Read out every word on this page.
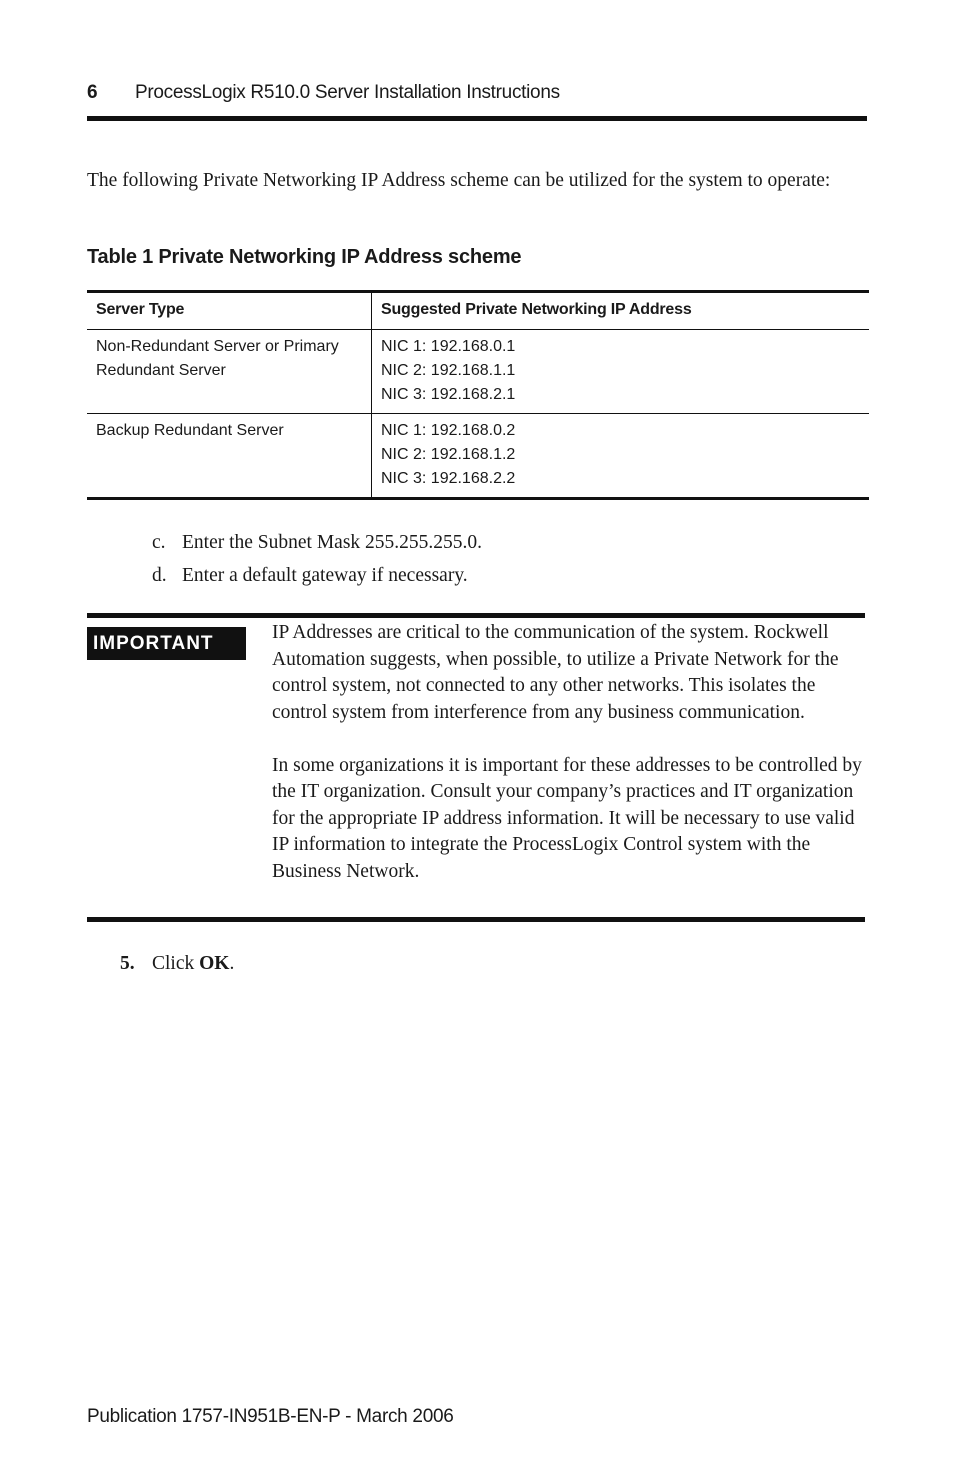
6 ProcessLogix R510.0 Server Installation Instructions
The following Private Networking IP Address scheme can be utilized for the system to operate:
Table 1 Private Networking IP Address scheme
Server Type	Suggested Private Networking IP Address
Non-Redundant Server or Primary Redundant Server	NIC 1: 192.168.0.1
NIC 2: 192.168.1.1
NIC 3: 192.168.2.1

Backup Redundant Server	NIC 1: 192.168.0.2
NIC 2: 192.168.1.2
NIC 3: 192.168.2.2
c. Enter the Subnet Mask 255.255.255.0.
d. Enter a default gateway if necessary.
IMPORTANT

IP Addresses are critical to the communication of the system. Rockwell Automation suggests, when possible, to utilize a Private Network for the control system, not connected to any other networks. This isolates the control system from interference from any business communication.

In some organizations it is important for these addresses to be controlled by the IT organization. Consult your company’s practices and IT organization for the appropriate IP address information. It will be necessary to use valid IP information to integrate the ProcessLogix Control system with the Business Network.

5. Click OK.
Publication 1757-IN951B-EN-P - March 2006
